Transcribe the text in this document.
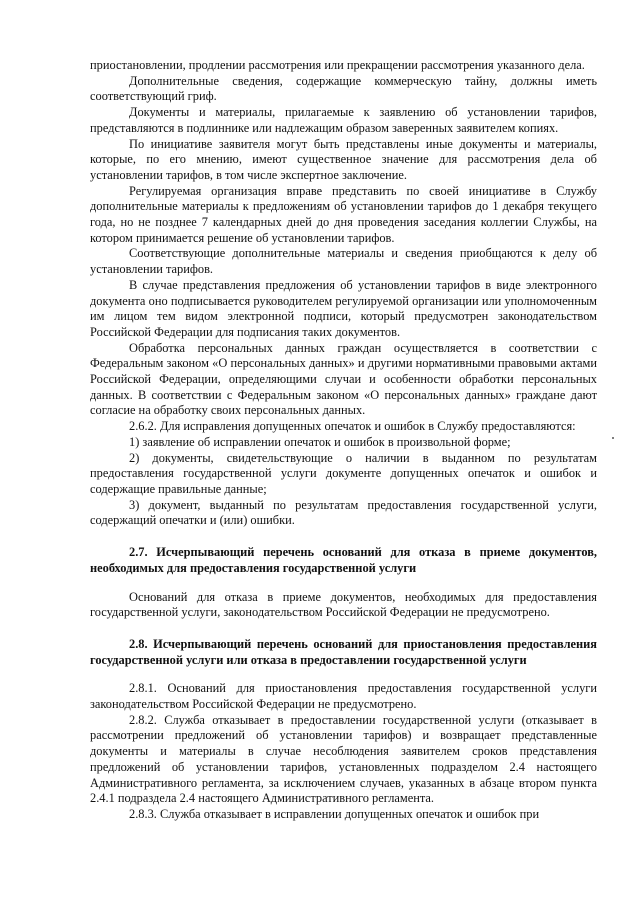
приостановлении, продлении рассмотрения или прекращении рассмотрения указанного дела.

Дополнительные сведения, содержащие коммерческую тайну, должны иметь соответствующий гриф.

Документы и материалы, прилагаемые к заявлению об установлении тарифов, представляются в подлиннике или надлежащим образом заверенных заявителем копиях.

По инициативе заявителя могут быть представлены иные документы и материалы, которые, по его мнению, имеют существенное значение для рассмотрения дела об установлении тарифов, в том числе экспертное заключение.

Регулируемая организация вправе представить по своей инициативе в Службу дополнительные материалы к предложениям об установлении тарифов до 1 декабря текущего года, но не позднее 7 календарных дней до дня проведения заседания коллегии Службы, на котором принимается решение об установлении тарифов.

Соответствующие дополнительные материалы и сведения приобщаются к делу об установлении тарифов.

В случае представления предложения об установлении тарифов в виде электронного документа оно подписывается руководителем регулируемой организации или уполномоченным им лицом тем видом электронной подписи, который предусмотрен законодательством Российской Федерации для подписания таких документов.

Обработка персональных данных граждан осуществляется в соответствии с Федеральным законом «О персональных данных» и другими нормативными правовыми актами Российской Федерации, определяющими случаи и особенности обработки персональных данных. В соответствии с Федеральным законом «О персональных данных» граждане дают согласие на обработку своих персональных данных.

2.6.2. Для исправления допущенных опечаток и ошибок в Службу предоставляются:

1) заявление об исправлении опечаток и ошибок в произвольной форме;

2) документы, свидетельствующие о наличии в выданном по результатам предоставления государственной услуги документе допущенных опечаток и ошибок и содержащие правильные данные;

3) документ, выданный по результатам предоставления государственной услуги, содержащий опечатки и (или) ошибки.

2.7. Исчерпывающий перечень оснований для отказа в приеме документов, необходимых для предоставления государственной услуги

Оснований для отказа в приеме документов, необходимых для предоставления государственной услуги, законодательством Российской Федерации не предусмотрено.

2.8. Исчерпывающий перечень оснований для приостановления предоставления государственной услуги или отказа в предоставлении государственной услуги

2.8.1. Оснований для приостановления предоставления государственной услуги законодательством Российской Федерации не предусмотрено.

2.8.2. Служба отказывает в предоставлении государственной услуги (отказывает в рассмотрении предложений об установлении тарифов) и возвращает представленные документы и материалы в случае несоблюдения заявителем сроков представления предложений об установлении тарифов, установленных подразделом 2.4 настоящего Административного регламента, за исключением случаев, указанных в абзаце втором пункта 2.4.1 подраздела 2.4 настоящего Административного регламента.

2.8.3. Служба отказывает в исправлении допущенных опечаток и ошибок при
